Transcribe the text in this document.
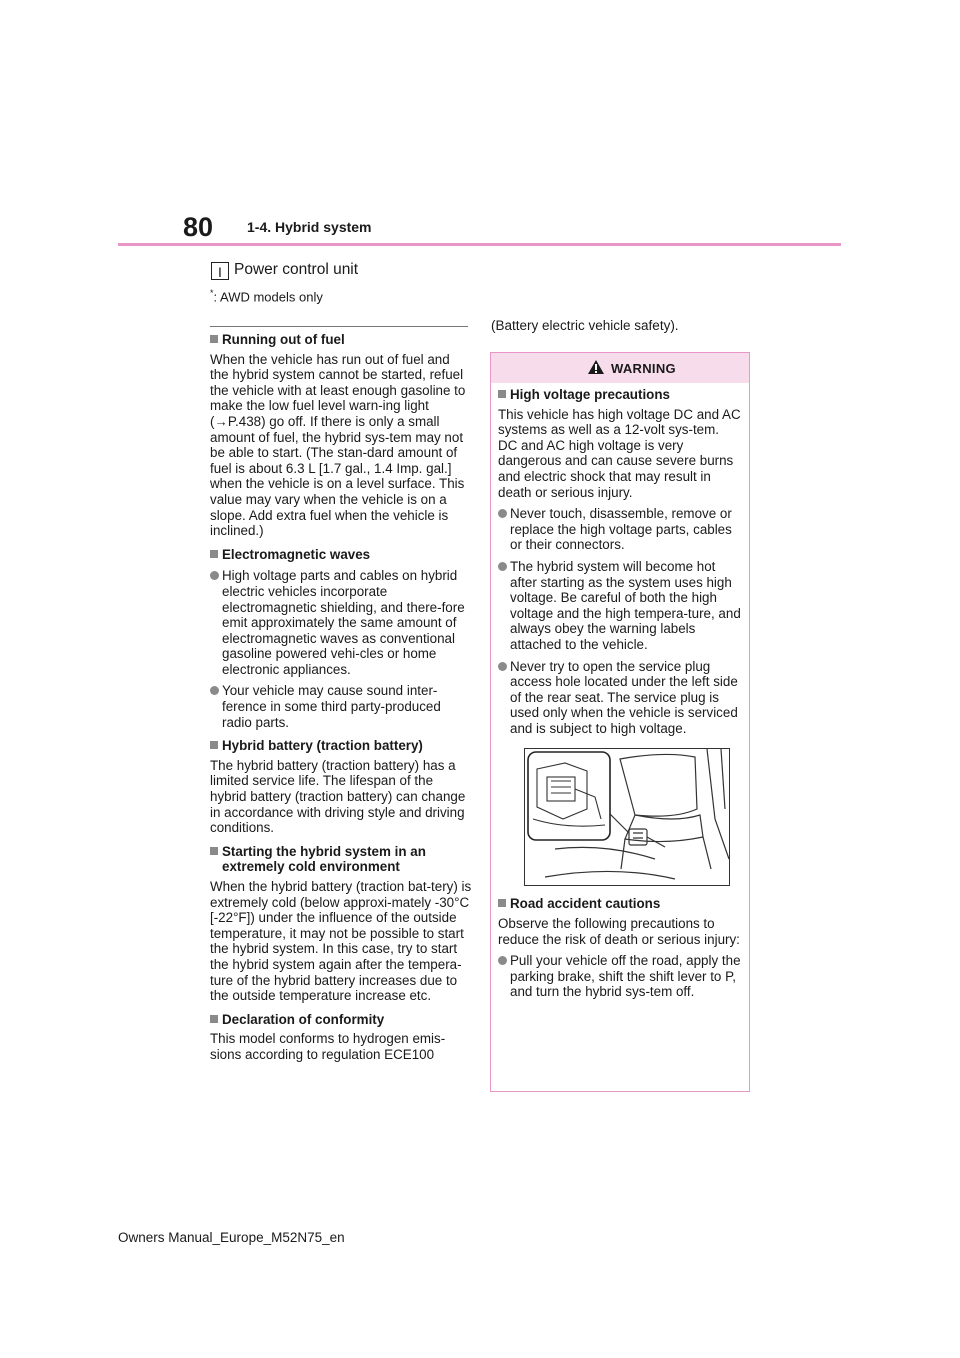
80 1-4. Hybrid system
I Power control unit
*: AWD models only
Running out of fuel

When the vehicle has run out of fuel and the hybrid system cannot be started, refuel the vehicle with at least enough gasoline to make the low fuel level warn-ing light (→P.438) go off. If there is only a small amount of fuel, the hybrid sys-tem may not be able to start. (The stan-dard amount of fuel is about 6.3 L [1.7 gal., 1.4 Imp. gal.] when the vehicle is on a level surface. This value may vary when the vehicle is on a slope. Add extra fuel when the vehicle is inclined.)

Electromagnetic waves
High voltage parts and cables on hybrid electric vehicles incorporate electromagnetic shielding, and there-fore emit approximately the same amount of electromagnetic waves as conventional gasoline powered vehi-cles or home electronic appliances.
Your vehicle may cause sound inter-ference in some third party-produced radio parts.
Hybrid battery (traction battery)

The hybrid battery (traction battery) has a limited service life. The lifespan of the hybrid battery (traction battery) can change in accordance with driving style and driving conditions.

Starting the hybrid system in an extremely cold environment

When the hybrid battery (traction bat-tery) is extremely cold (below approxi-mately -30°C [-22°F]) under the influence of the outside temperature, it may not be possible to start the hybrid system. In this case, try to start the hybrid system again after the tempera-ture of the hybrid battery increases due to the outside temperature increase etc.

Declaration of conformity

This model conforms to hydrogen emis-sions according to regulation ECE100

(Battery electric vehicle safety).
WARNING
High voltage precautions

This vehicle has high voltage DC and AC systems as well as a 12-volt sys-tem. DC and AC high voltage is very dangerous and can cause severe burns and electric shock that may result in death or serious injury.

Never touch, disassemble, remove or replace the high voltage parts, cables or their connectors.
The hybrid system will become hot after starting as the system uses high voltage. Be careful of both the high voltage and the high tempera-ture, and always obey the warning labels attached to the vehicle.
Never try to open the service plug access hole located under the left side of the rear seat. The service plug is used only when the vehicle is serviced and is subject to high voltage.
Road accident cautions

Observe the following precautions to reduce the risk of death or serious injury:

Pull your vehicle off the road, apply the parking brake, shift the shift lever to P, and turn the hybrid sys-tem off.
Owners Manual_Europe_M52N75_en
